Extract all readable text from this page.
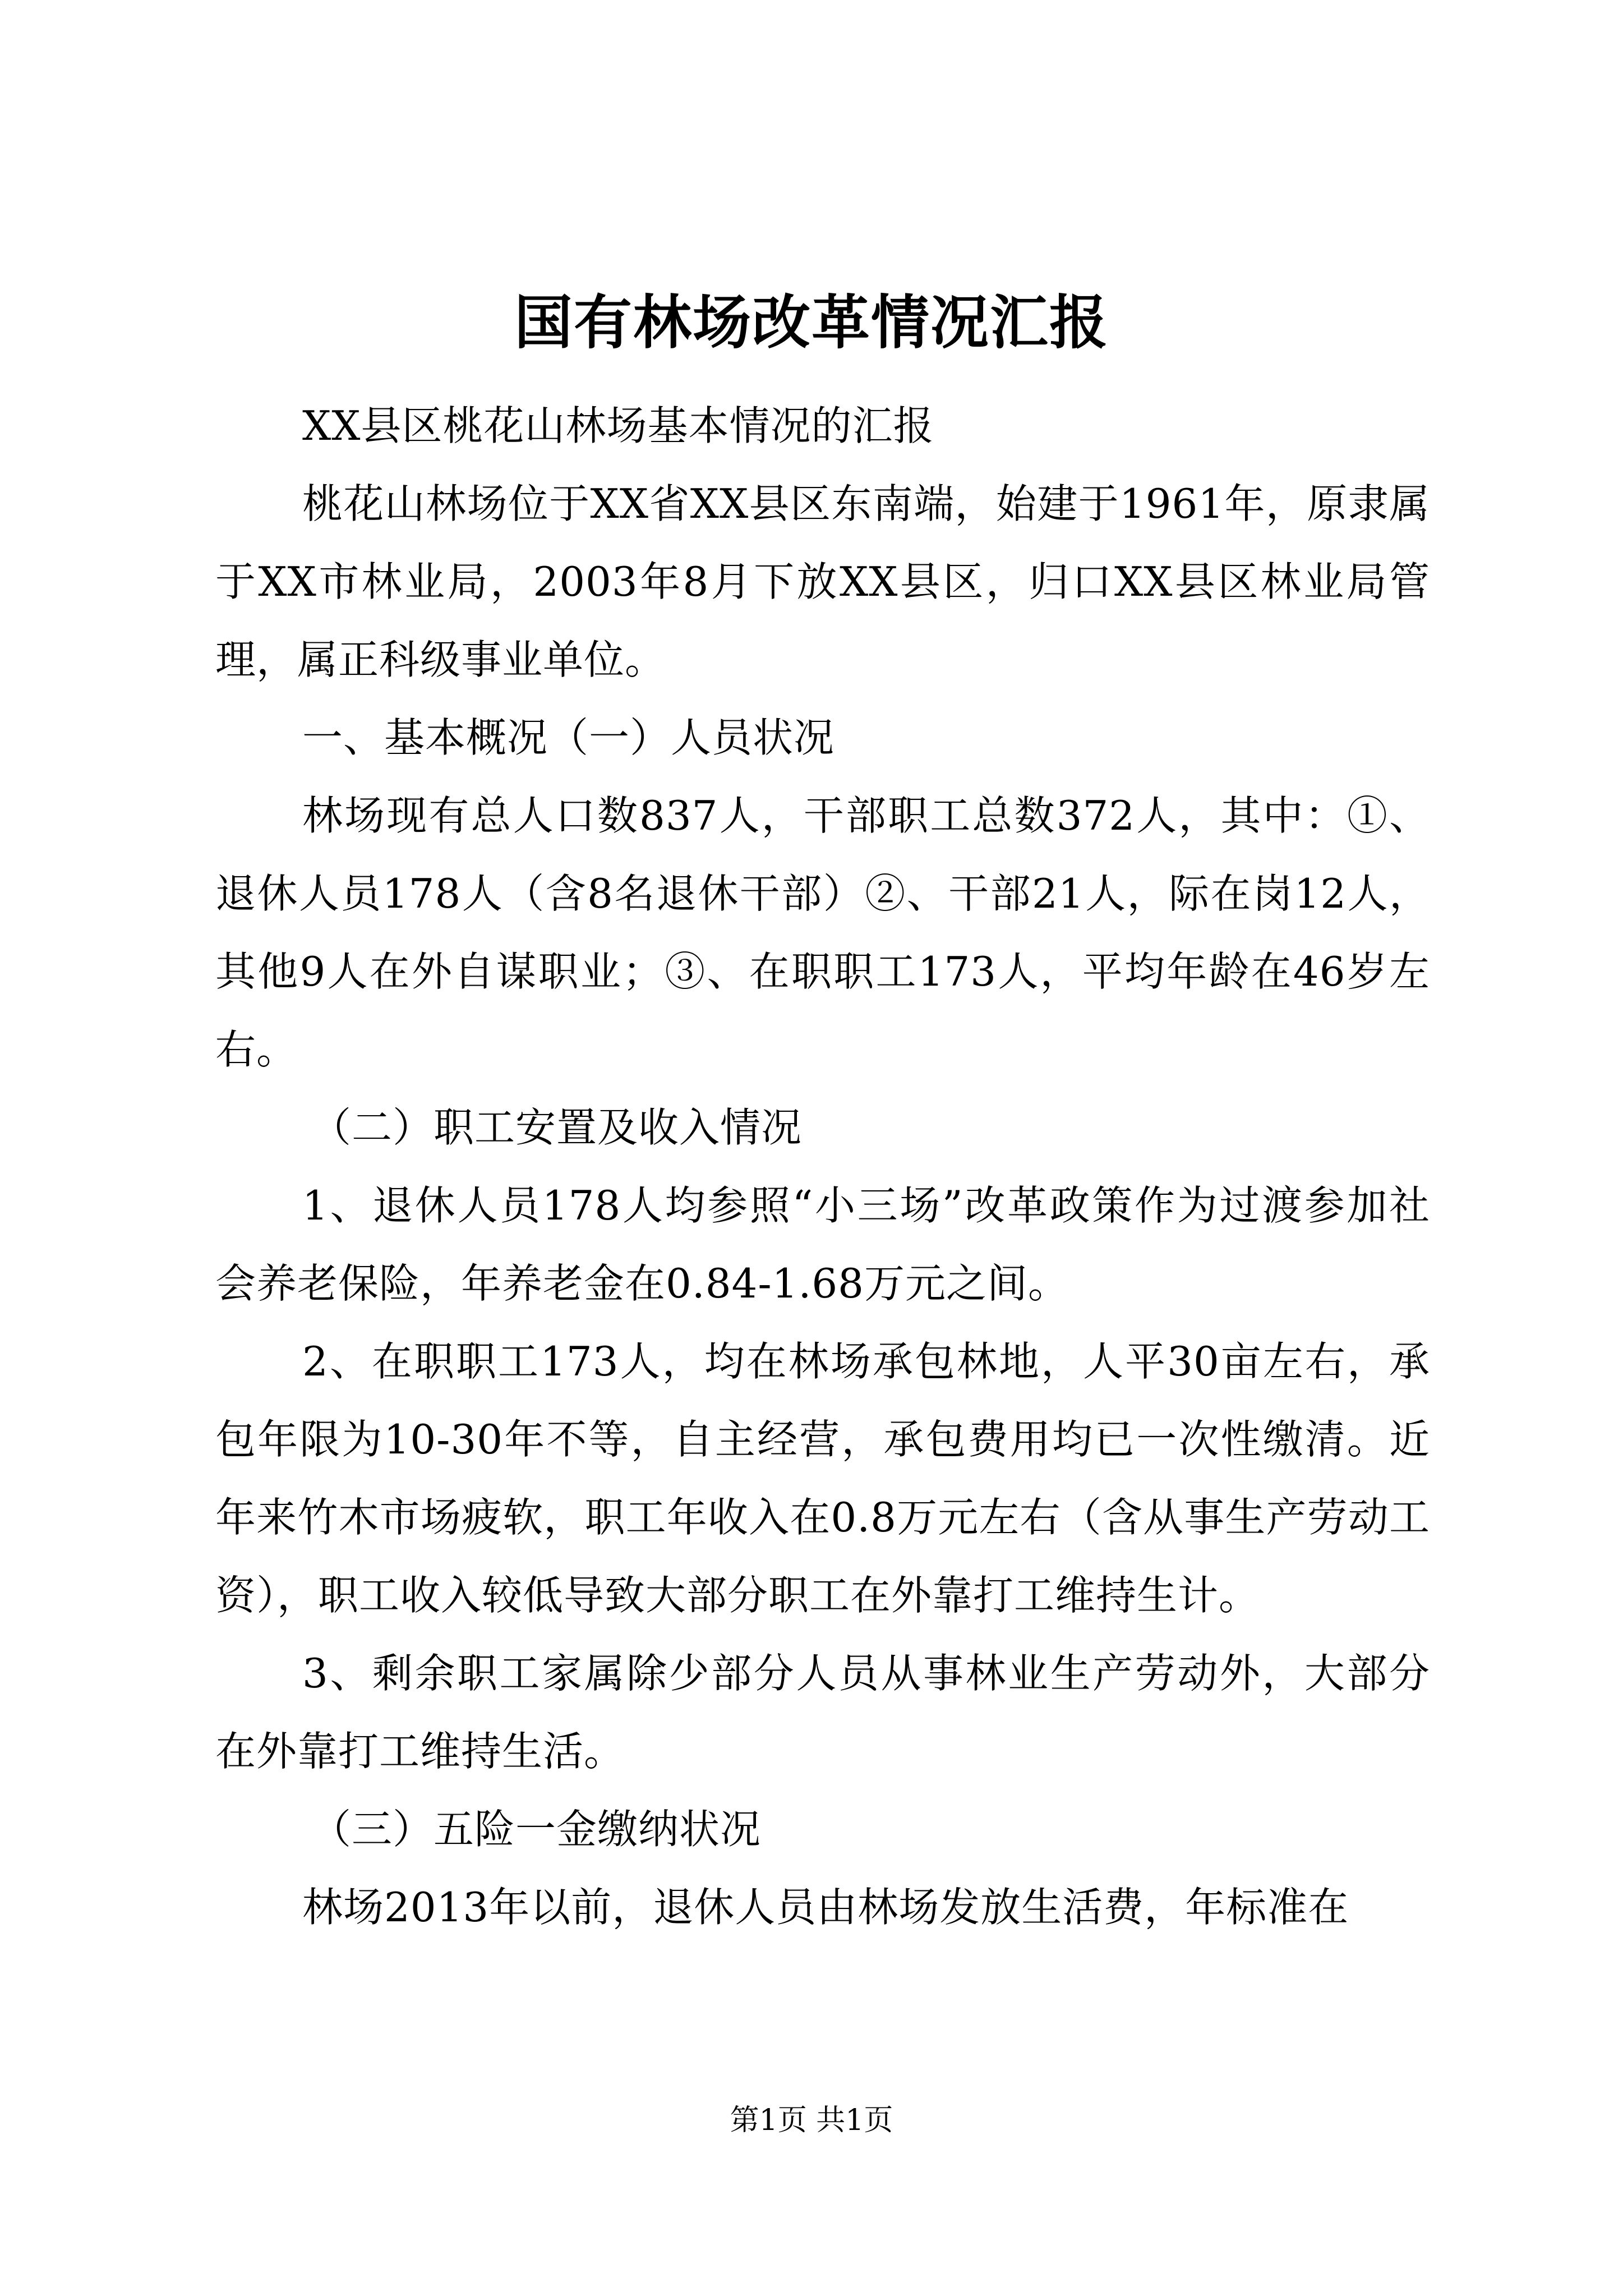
国有林场改革情况汇报

XX县区桃花山林场基本情况的汇报

桃花山林场位于XX省XX县区东南端，始建于1961年，原隶属于XX市林业局，2003年8月下放XX县区，归口XX县区林业局管理，属正科级事业单位。

一、基本概况（一）人员状况

林场现有总人口数837人，干部职工总数372人，其中：①、退休人员178人（含8名退休干部）②、干部21人，际在岗12人，其他9人在外自谋职业；③、在职职工173人，平均年龄在46岁左右。

（二）职工安置及收入情况

1、退休人员178人均参照“小三场”改革政策作为过渡参加社会养老保险，年养老金在0.84-1.68万元之间。

2、在职职工173人，均在林场承包林地，人平30亩左右，承包年限为10-30年不等，自主经营，承包费用均已一次性缴清。近年来竹木市场疲软，职工年收入在0.8万元左右（含从事生产劳动工资），职工收入较低导致大部分职工在外靠打工维持生计。

3、剩余职工家属除少部分人员从事林业生产劳动外，大部分在外靠打工维持生活。

（三）五险一金缴纳状况

林场2013年以前，退休人员由林场发放生活费，年标准在

第1页 共1页
